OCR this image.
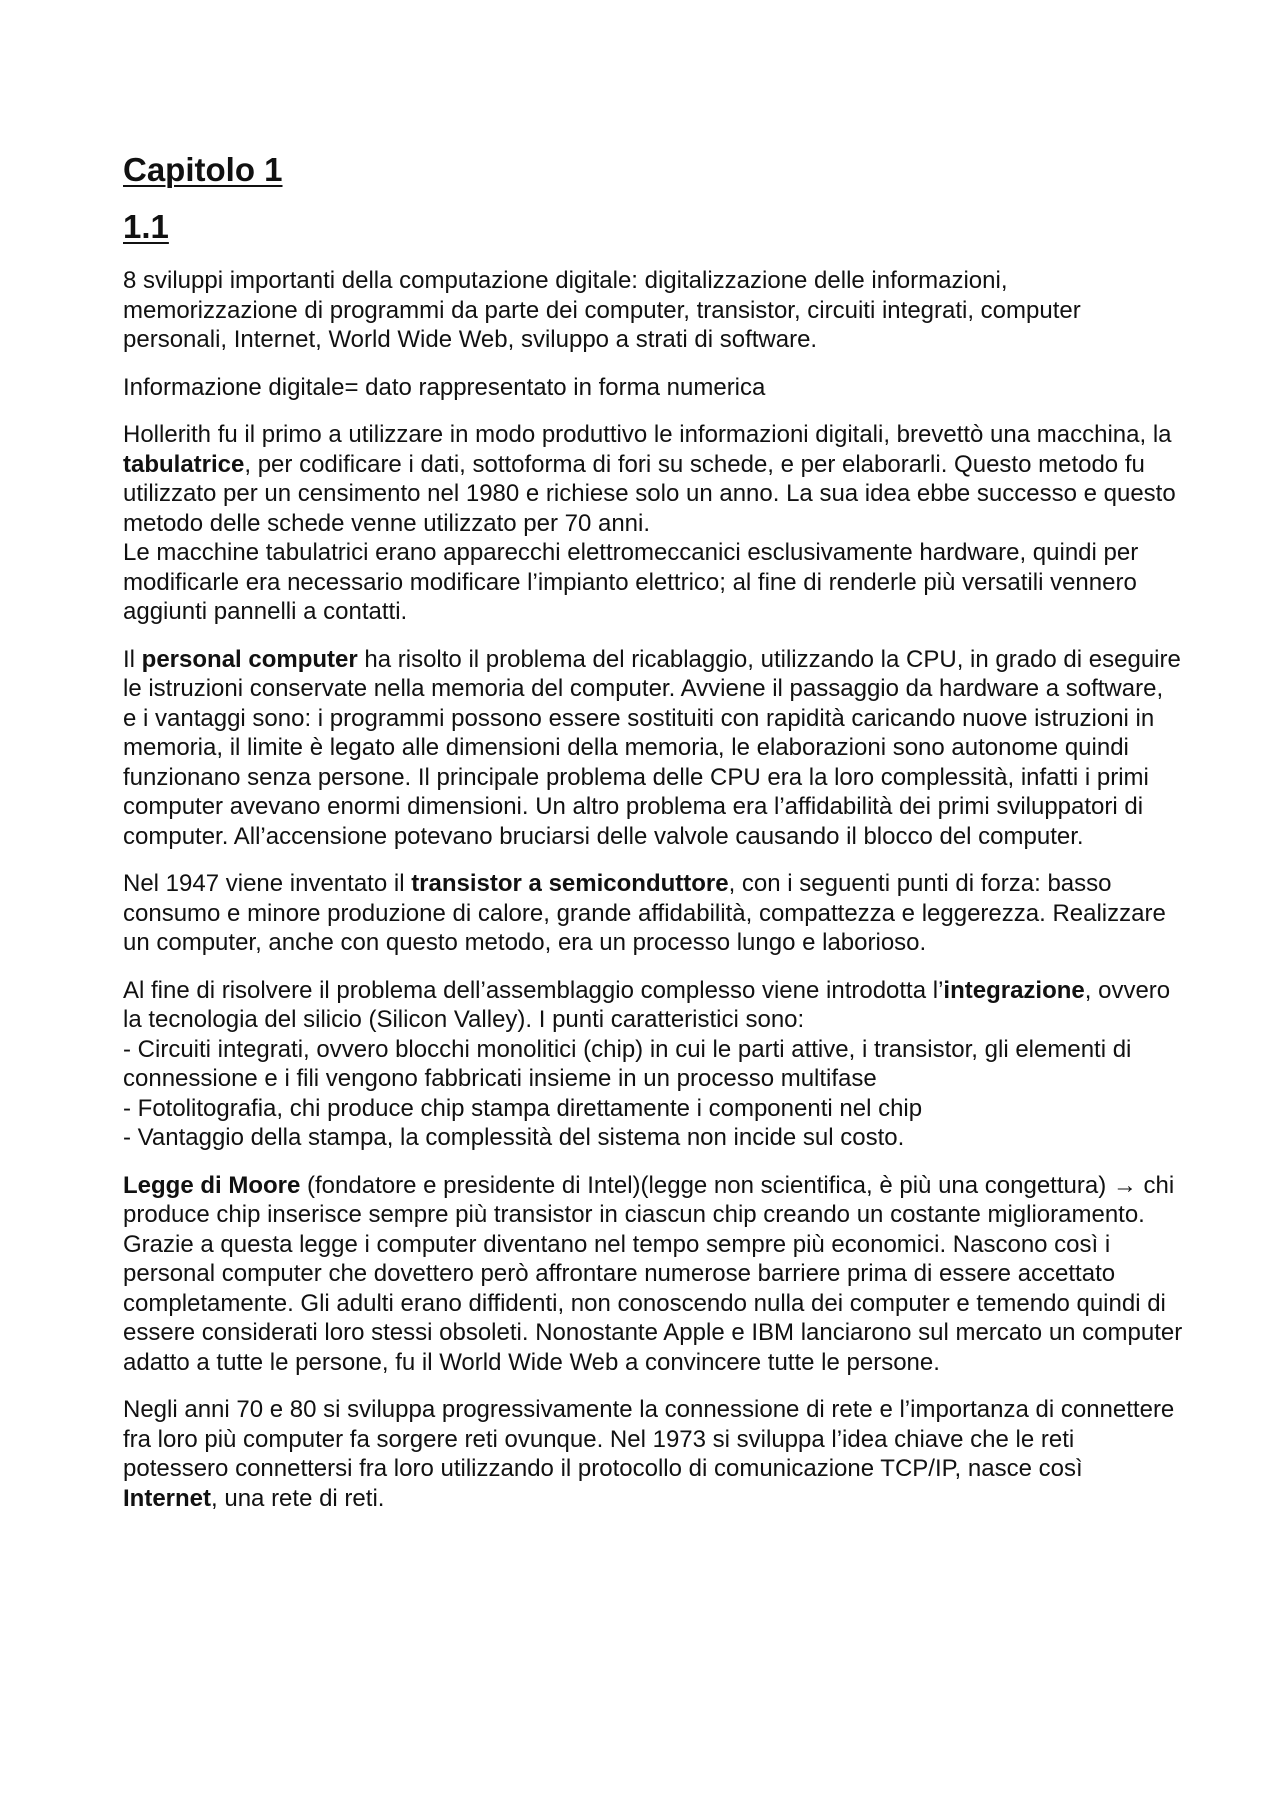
Capitolo 1
1.1

8 sviluppi importanti della computazione digitale: digitalizzazione delle informazioni, memorizzazione di programmi da parte dei computer, transistor, circuiti integrati, computer personali, Internet, World Wide Web, sviluppo a strati di software.

Informazione digitale= dato rappresentato in forma numerica

Hollerith fu il primo a utilizzare in modo produttivo le informazioni digitali, brevettò una macchina, la tabulatrice, per codificare i dati, sottoforma di fori su schede, e per elaborarli. Questo metodo fu utilizzato per un censimento nel 1980 e richiese solo un anno. La sua idea ebbe successo e questo metodo delle schede venne utilizzato per 70 anni.
Le macchine tabulatrici erano apparecchi elettromeccanici esclusivamente hardware, quindi per modificarle era necessario modificare l’impianto elettrico; al fine di renderle più versatili vennero aggiunti pannelli a contatti.

Il personal computer ha risolto il problema del ricablaggio, utilizzando la CPU, in grado di eseguire le istruzioni conservate nella memoria del computer. Avviene il passaggio da hardware a software, e i vantaggi sono: i programmi possono essere sostituiti con rapidità caricando nuove istruzioni in memoria, il limite è legato alle dimensioni della memoria, le elaborazioni sono autonome quindi funzionano senza persone. Il principale problema delle CPU era la loro complessità, infatti i primi computer avevano enormi dimensioni. Un altro problema era l’affidabilità dei primi sviluppatori di computer. All’accensione potevano bruciarsi delle valvole causando il blocco del computer.

Nel 1947 viene inventato il transistor a semiconduttore, con i seguenti punti di forza: basso consumo e minore produzione di calore, grande affidabilità, compattezza e leggerezza. Realizzare un computer, anche con questo metodo, era un processo lungo e laborioso.

Al fine di risolvere il problema dell’assemblaggio complesso viene introdotta l’integrazione, ovvero la tecnologia del silicio (Silicon Valley). I punti caratteristici sono:
- Circuiti integrati, ovvero blocchi monolitici (chip) in cui le parti attive, i transistor, gli elementi di connessione e i fili vengono fabbricati insieme in un processo multifase
- Fotolitografia, chi produce chip stampa direttamente i componenti nel chip
- Vantaggio della stampa, la complessità del sistema non incide sul costo.

Legge di Moore (fondatore e presidente di Intel)(legge non scientifica, è più una congettura) → chi produce chip inserisce sempre più transistor in ciascun chip creando un costante miglioramento. Grazie a questa legge i computer diventano nel tempo sempre più economici. Nascono così i personal computer che dovettero però affrontare numerose barriere prima di essere accettato completamente. Gli adulti erano diffidenti, non conoscendo nulla dei computer e temendo quindi di essere considerati loro stessi obsoleti. Nonostante Apple e IBM lanciarono sul mercato un computer adatto a tutte le persone, fu il World Wide Web a convincere tutte le persone.

Negli anni 70 e 80 si sviluppa progressivamente la connessione di rete e l’importanza di connettere fra loro più computer fa sorgere reti ovunque. Nel 1973 si sviluppa l’idea chiave che le reti potessero connettersi fra loro utilizzando il protocollo di comunicazione TCP/IP, nasce così Internet, una rete di reti.
